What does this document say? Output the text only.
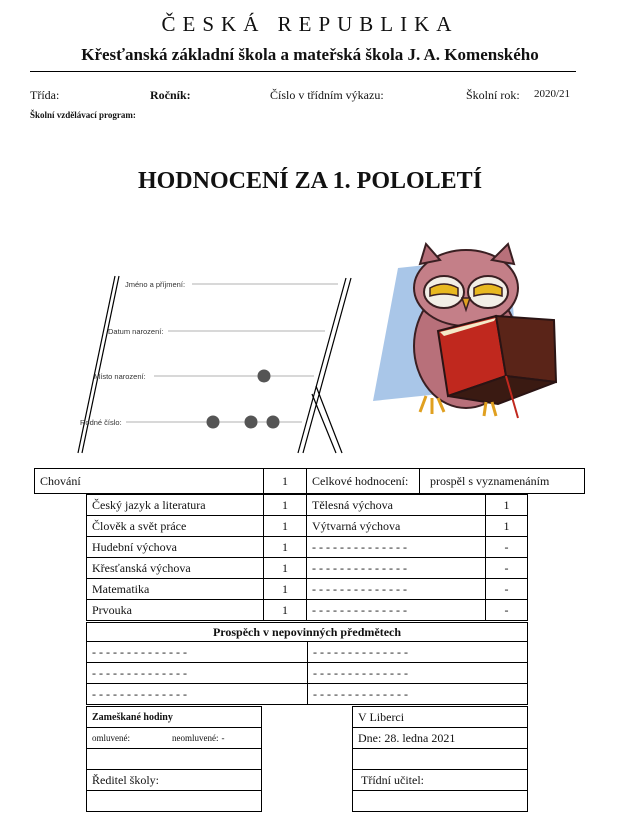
ČESKÁ REPUBLIKA
Křesťanská základní škola a mateřská škola J. A. Komenského
Třída:	Ročník:	Číslo v třídním výkazu:	Školní rok: 2020/21
Školní vzdělávací program:
HODNOCENÍ ZA 1. POLOLETÍ
Jméno a příjmení:
Datum narození:
Místo narození:
Rodné číslo:
Chování	1	Celkové hodnocení:	prospěl s vyznamenáním
Český jazyk a literatura	1	Tělesná výchova	1
Člověk a svět práce	1	Výtvarná výchova	1
Hudební výchova	1	- - - - - - - - - - - - - -	-
Křesťanská výchova	1	- - - - - - - - - - - - - -	-
Matematika	1	- - - - - - - - - - - - - -	-
Prvouka	1	- - - - - - - - - - - - - -	-
Prospěch v nepovinných předmětech
- - - - - - - - - - - - - -	- - - - - - - - - - - - - -
- - - - - - - - - - - - - -	- - - - - - - - - - - - - -
- - - - - - - - - - - - - -	- - - - - - - - - - - - - -
Zameškané hodiny
omluvené:	neomluvené: -
Ředitel školy:
V Liberci
Dne: 28. ledna 2021
Třídní učitel:
